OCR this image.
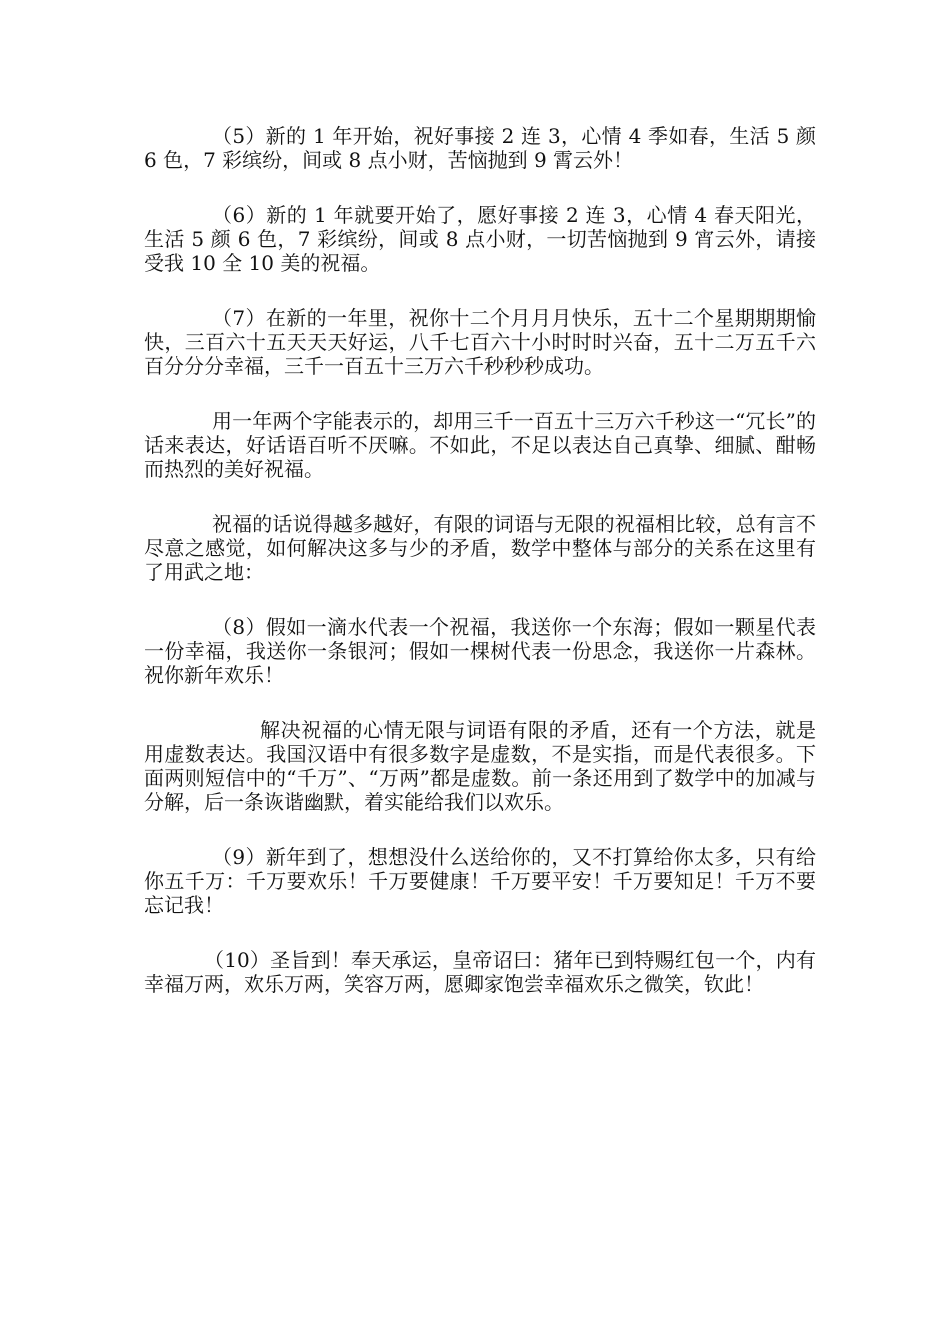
（5）新的 1 年开始，祝好事接 2 连 3，心情 4 季如春，生活 5 颜 6 色，7 彩缤纷，间或 8 点小财，苦恼抛到 9 霄云外！

（6）新的 1 年就要开始了，愿好事接 2 连 3，心情 4 春天阳光，生活 5 颜 6 色，7 彩缤纷，间或 8 点小财，一切苦恼抛到 9 宵云外，请接受我 10 全 10 美的祝福。

（7）在新的一年里，祝你十二个月月月快乐，五十二个星期期期愉快，三百六十五天天天好运，八千七百六十小时时时兴奋，五十二万五千六百分分分幸福，三千一百五十三万六千秒秒秒成功。

用一年两个字能表示的，却用三千一百五十三万六千秒这一“冗长”的话来表达，好话语百听不厌嘛。不如此，不足以表达自己真挚、细腻、酣畅而热烈的美好祝福。

祝福的话说得越多越好，有限的词语与无限的祝福相比较，总有言不尽意之感觉，如何解决这多与少的矛盾，数学中整体与部分的关系在这里有了用武之地：

（8）假如一滴水代表一个祝福，我送你一个东海；假如一颗星代表一份幸福，我送你一条银河；假如一棵树代表一份思念，我送你一片森林。祝你新年欢乐！

解决祝福的心情无限与词语有限的矛盾，还有一个方法，就是用虚数表达。我国汉语中有很多数字是虚数，不是实指，而是代表很多。下面两则短信中的“千万”、“万两”都是虚数。前一条还用到了数学中的加减与分解，后一条诙谐幽默，着实能给我们以欢乐。

（9）新年到了，想想没什么送给你的，又不打算给你太多，只有给你五千万：千万要欢乐！千万要健康！千万要平安！千万要知足！千万不要忘记我！

（10）圣旨到！奉天承运，皇帝诏曰：猪年已到特赐红包一个，内有幸福万两，欢乐万两，笑容万两，愿卿家饱尝幸福欢乐之微笑，钦此！
